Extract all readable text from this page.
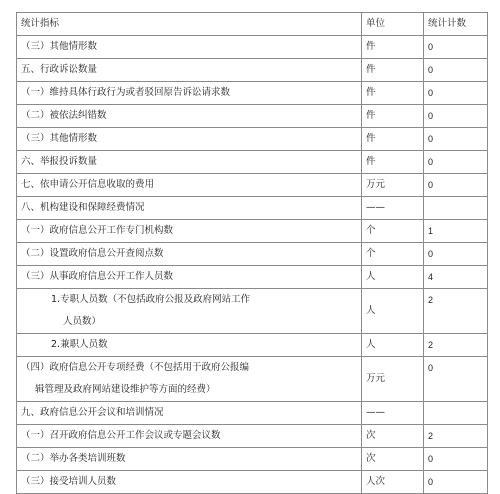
统计指标	单位	统计计数

（三）其他情形数	件	0

五、行政诉讼数量	件	0

（一）维持具体行政行为或者驳回原告诉讼请求数	件	0

（二）被依法纠错数	件	0

（三）其他情形数	件	0

六、举报投诉数量	件	0

七、依申请公开信息收取的费用	万元	0

八、机构建设和保障经费情况	——	

（一）政府信息公开工作专门机构数	个	1

（二）设置政府信息公开查阅点数	个	0

（三）从事政府信息公开工作人员数	人	4

1.专职人员数（不包括政府公报及政府网站工作
人员数）	人	2

2.兼职人员数	人	2

（四）政府信息公开专项经费（不包括用于政府公报编
辑管理及政府网站建设维护等方面的经费）	万元	0

九、政府信息公开会议和培训情况	——	

（一）召开政府信息公开工作会议或专题会议数	次	2

（二）举办各类培训班数	次	0

（三）接受培训人员数	人次	0
